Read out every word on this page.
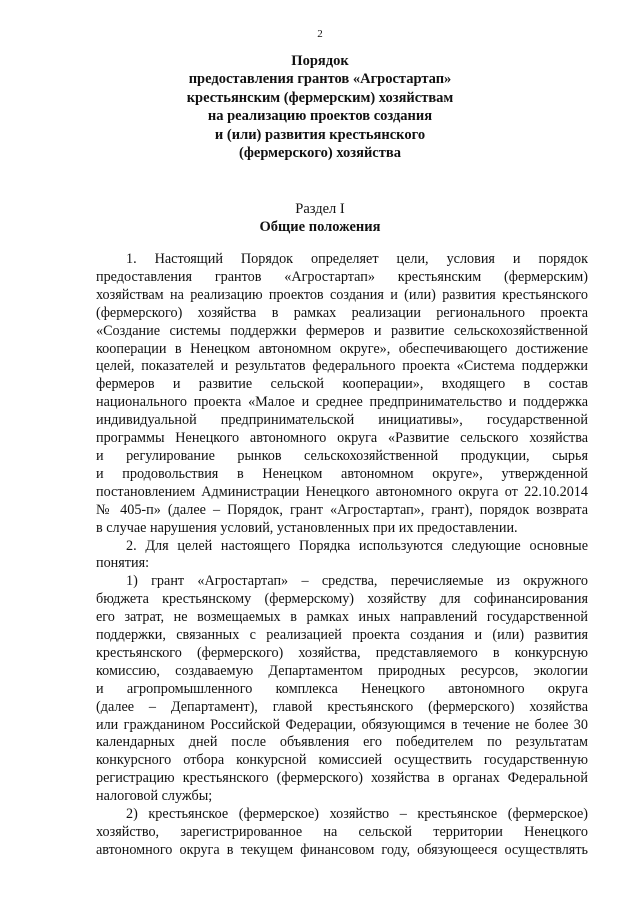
2
Порядок
предоставления грантов «Агростартап»
крестьянским (фермерским) хозяйствам
на реализацию проектов создания
и (или) развития крестьянского
(фермерского) хозяйства
Раздел I
Общие положения
1. Настоящий Порядок определяет цели, условия и порядок
предоставления грантов «Агростартап» крестьянским (фермерским)
хозяйствам на реализацию проектов создания и (или) развития крестьянского
(фермерского) хозяйства в рамках реализации регионального проекта
«Создание системы поддержки фермеров и развитие сельскохозяйственной
кооперации в Ненецком автономном округе», обеспечивающего достижение
целей, показателей и результатов федерального проекта «Система поддержки
фермеров и развитие сельской кооперации», входящего в состав
национального проекта «Малое и среднее предпринимательство и поддержка
индивидуальной предпринимательской инициативы», государственной
программы Ненецкого автономного округа «Развитие сельского хозяйства
и регулирование рынков сельскохозяйственной продукции, сырья
и продовольствия в Ненецком автономном округе», утвержденной
постановлением Администрации Ненецкого автономного округа от 22.10.2014
№ 405-п» (далее – Порядок, грант «Агростартап», грант), порядок возврата
в случае нарушения условий, установленных при их предоставлении.
2. Для целей настоящего Порядка используются следующие основные
понятия:
1) грант «Агростартап» – средства, перечисляемые из окружного
бюджета крестьянскому (фермерскому) хозяйству для софинансирования
его затрат, не возмещаемых в рамках иных направлений государственной
поддержки, связанных с реализацией проекта создания и (или) развития
крестьянского (фермерского) хозяйства, представляемого в конкурсную
комиссию, создаваемую Департаментом природных ресурсов, экологии
и агропромышленного комплекса Ненецкого автономного округа
(далее – Департамент), главой крестьянского (фермерского) хозяйства
или гражданином Российской Федерации, обязующимся в течение не более 30
календарных дней после объявления его победителем по результатам
конкурсного отбора конкурсной комиссией осуществить государственную
регистрацию крестьянского (фермерского) хозяйства в органах Федеральной
налоговой службы;
2) крестьянское (фермерское) хозяйство – крестьянское (фермерское)
хозяйство, зарегистрированное на сельской территории Ненецкого
автономного округа в текущем финансовом году, обязующееся осуществлять
